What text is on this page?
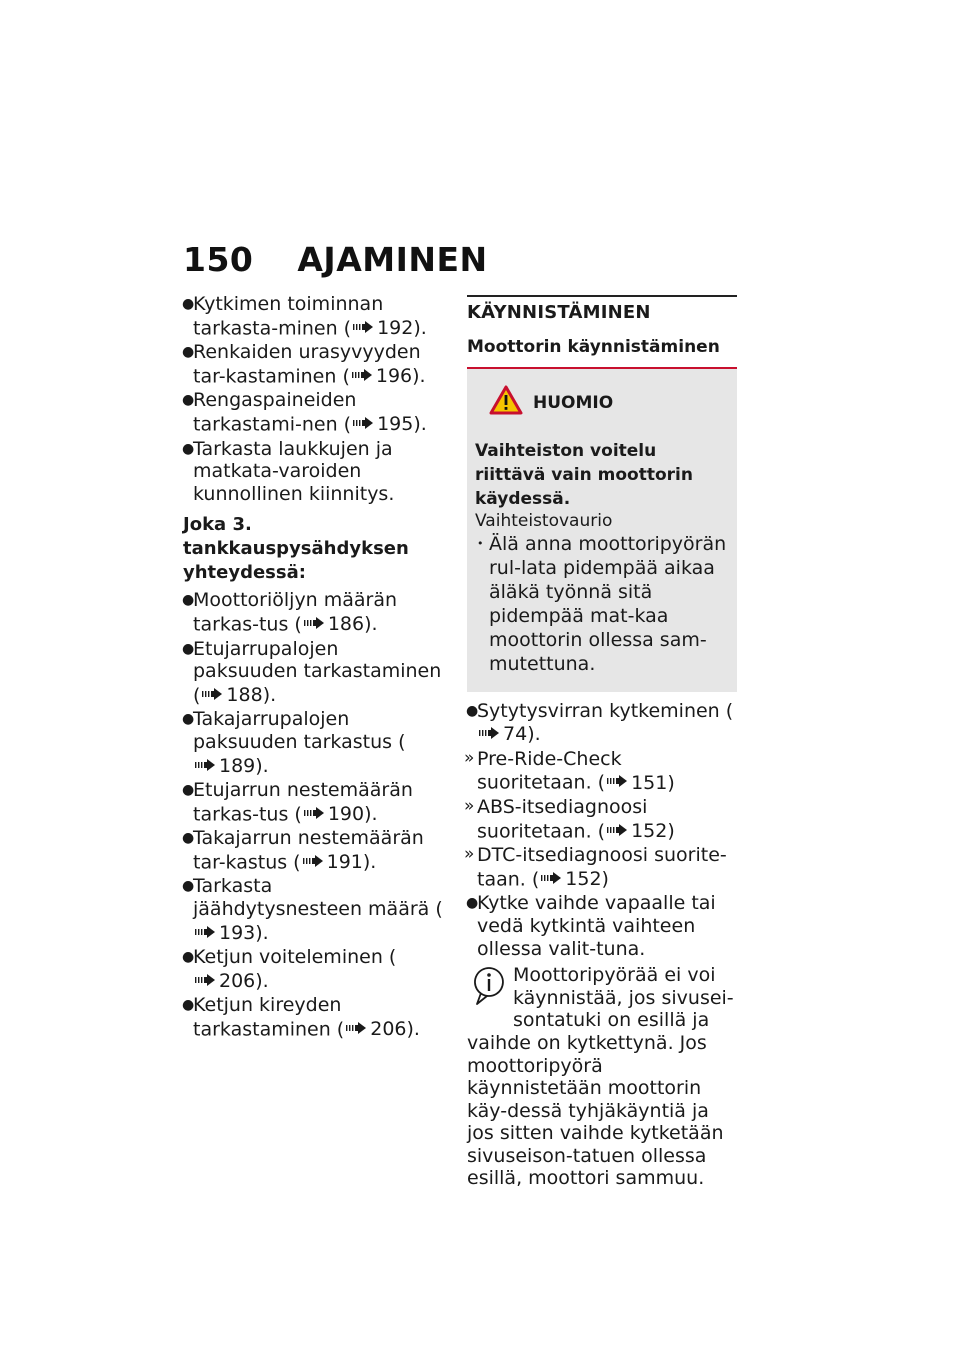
150 AJAMINEN
●
Kytkimen toiminnan tarkasta-minen ( 192).
●
Renkaiden urasyvyyden tar-kastaminen ( 196).
●
Rengaspaineiden tarkastami-nen ( 195).
●
Tarkasta laukkujen ja matkata-varoiden kunnollinen kiinnitys.
Joka 3. tankkauspysähdyksen yhteydessä:
●
Moottoriöljyn määrän tarkas-tus ( 186).
●
Etujarrupalojen paksuuden tarkastaminen ( 188).
●
Takajarrupalojen paksuuden tarkastus (189).
●
Etujarrun nestemäärän tarkas-tus ( 190).
●
Takajarrun nestemäärän tar-kastus ( 191).
●
Tarkasta jäähdytysnesteen määrä (193).
●
Ketjun voiteleminen (206).
●
Ketjun kireyden tarkastaminen ( 206).
KÄYNNISTÄMINEN
Moottorin käynnistäminen
HUOMIO
Vaihteiston voitelu riittävä vain moottorin käydessä.
Vaihteistovaurio
• Älä anna moottoripyörän rul-lata pidempää aikaa äläkä työnnä sitä pidempää mat-kaa moottorin ollessa sam-mutettuna.
●
Sytytysvirran kytkeminen (74).
» Pre-Ride-Check suoritetaan. ( 151)
» ABS-itsediagnoosi suoritetaan. ( 152)
» DTC-itsediagnoosi suorite-taan. ( 152)
●
Kytke vaihde vapaalle tai vedä kytkintä vaihteen ollessa valit-tuna.
Moottoripyörää ei voi käynnistää, jos sivusei-sontatuki on esillä ja vaihde on kytkettynä. Jos moottoripyörä käynnistetään moottorin käy-dessä tyhjäkäyntiä ja jos sitten vaihde kytketään sivuseison-tatuen ollessa esillä, moottori sammuu.
